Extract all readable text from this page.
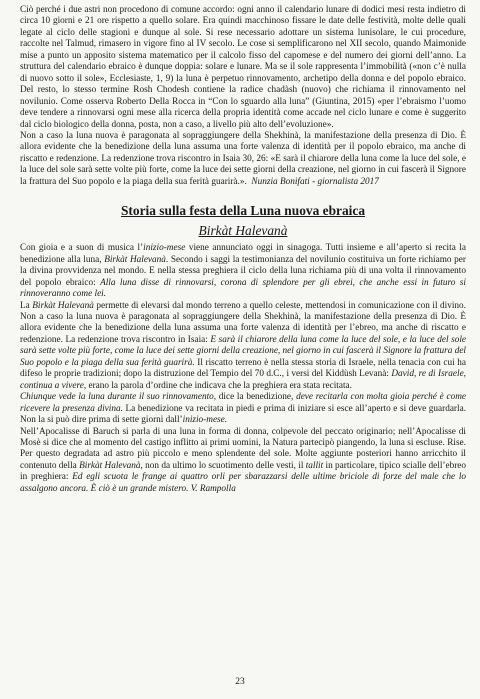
Ciò perché i due astri non procedono di comune accordo: ogni anno il calendario lunare di dodici mesi resta indietro di circa 10 giorni e 21 ore rispetto a quello solare. Era quindi macchinoso fissare le date delle festività, molte delle quali legate al ciclo delle stagioni e dunque al sole. Si rese necessario adottare un sistema lunisolare, le cui procedure, raccolte nel Talmud, rimasero in vigore fino al IV secolo. Le cose si semplificarono nel XII secolo, quando Maimonide mise a punto un apposito sistema matematico per il calcolo fisso del capomese e del numero dei giorni dell’anno. La struttura del calendario ebraico è dunque doppia: solare e lunare. Ma se il sole rappresenta l’immobilità («non c’è nulla di nuovo sotto il sole», Ecclesiaste, 1, 9) la luna è perpetuo rinnovamento, archetipo della donna e del popolo ebraico. Del resto, lo stesso termine Rosh Chodesh contiene la radice chadàsh (nuovo) che richiama il rinnovamento nel novilunio. Come osserva Roberto Della Rocca in “Con lo sguardo alla luna” (Giuntina, 2015) «per l’ebraismo l’uomo deve tendere a rinnovarsi ogni mese alla ricerca della propria identità come accade nel ciclo lunare e come è suggerito dal ciclo biologico della donna, posta, non a caso, a livello più alto dell’evoluzione».

Non a caso la luna nuova è paragonata al sopraggiungere della Shekhinà, la manifestazione della presenza di Dio. È allora evidente che la benedizione della luna assuma una forte valenza di identità per il popolo ebraico, ma anche di riscatto e redenzione. La redenzione trova riscontro in Isaia 30, 26: «E sarà il chiarore della luna come la luce del sole, e la luce del sole sarà sette volte più forte, come la luce dei sette giorni della creazione, nel giorno in cui fascerà il Signore la frattura del Suo popolo e la piaga della sua ferità guarirà.». Nunzia Bonifati - giornalista 2017

Storia sulla festa della Luna nuova ebraica
Birkàt Halevanà

Con gioia e a suon di musica l’inizio-mese viene annunciato oggi in sinagoga. Tutti insieme e all’aperto si recita la benedizione alla luna, Birkàt Halevanà. Secondo i saggi la testimonianza del novilunio costituiva un forte richiamo per la divina provvidenza nel mondo. E nella stessa preghiera il ciclo della luna richiama più di una volta il rinnovamento del popolo ebraico: Alla luna disse di rinnovarsi, corona di splendore per gli ebrei, che anche essi in futuro si rinnoveranno come lei.

La Birkàt Halevanà permette di elevarsi dal mondo terreno a quello celeste, mettendosi in comunicazione con il divino. Non a caso la luna nuova è paragonata al sopraggiungere della Shekhinà, la manifestazione della presenza di Dio. È allora evidente che la benedizione della luna assuma una forte valenza di identità per l’ebreo, ma anche di riscatto e redenzione. La redenzione trova riscontro in Isaia: E sarà il chiarore della luna come la luce del sole, e la luce del sole sarà sette volte più forte, come la luce dei sette giorni della creazione, nel giorno in cui fascerà il Signore la frattura del Suo popolo e la piaga della sua ferità guarirà. Il riscatto terreno è nella stessa storia di Israele, nella tenacia con cui ha difeso le proprie tradizioni; dopo la distruzione del Tempio del 70 d.C., i versi del Kiddùsh Levanà: David, re di Israele, continua a vivere, erano la parola d’ordine che indicava che la preghiera era stata recitata.

Chiunque vede la luna durante il suo rinnovamento, dice la benedizione, deve recitarla con molta gioia perché è come ricevere la presenza divina. La benedizione va recitata in piedi e prima di iniziare si esce all’aperto e si deve guardarla. Non la si può dire prima di sette giorni dall’inizio-mese.

Nell’Apocalisse di Baruch si parla di una luna in forma di donna, colpevole del peccato originario; nell’Apocalisse di Mosè si dice che al momento del castigo inflitto ai primi uomini, la Natura partecipò piangendo, la luna si escluse. Rise. Per questo degradata ad astro più piccolo e meno splendente del sole. Molte aggiunte posteriori hanno arricchito il contenuto della Birkàt Halevanà, non da ultimo lo scuotimento delle vesti, il tallit in particolare, tipico scialle dell’ebreo in preghiera: Ed egli scuota le frange ai quattro orli per sbarazzarsi delle ultime briciole di forze del male che lo assalgono ancora. È ciò è un grande mistero. V. Rampolla

23
